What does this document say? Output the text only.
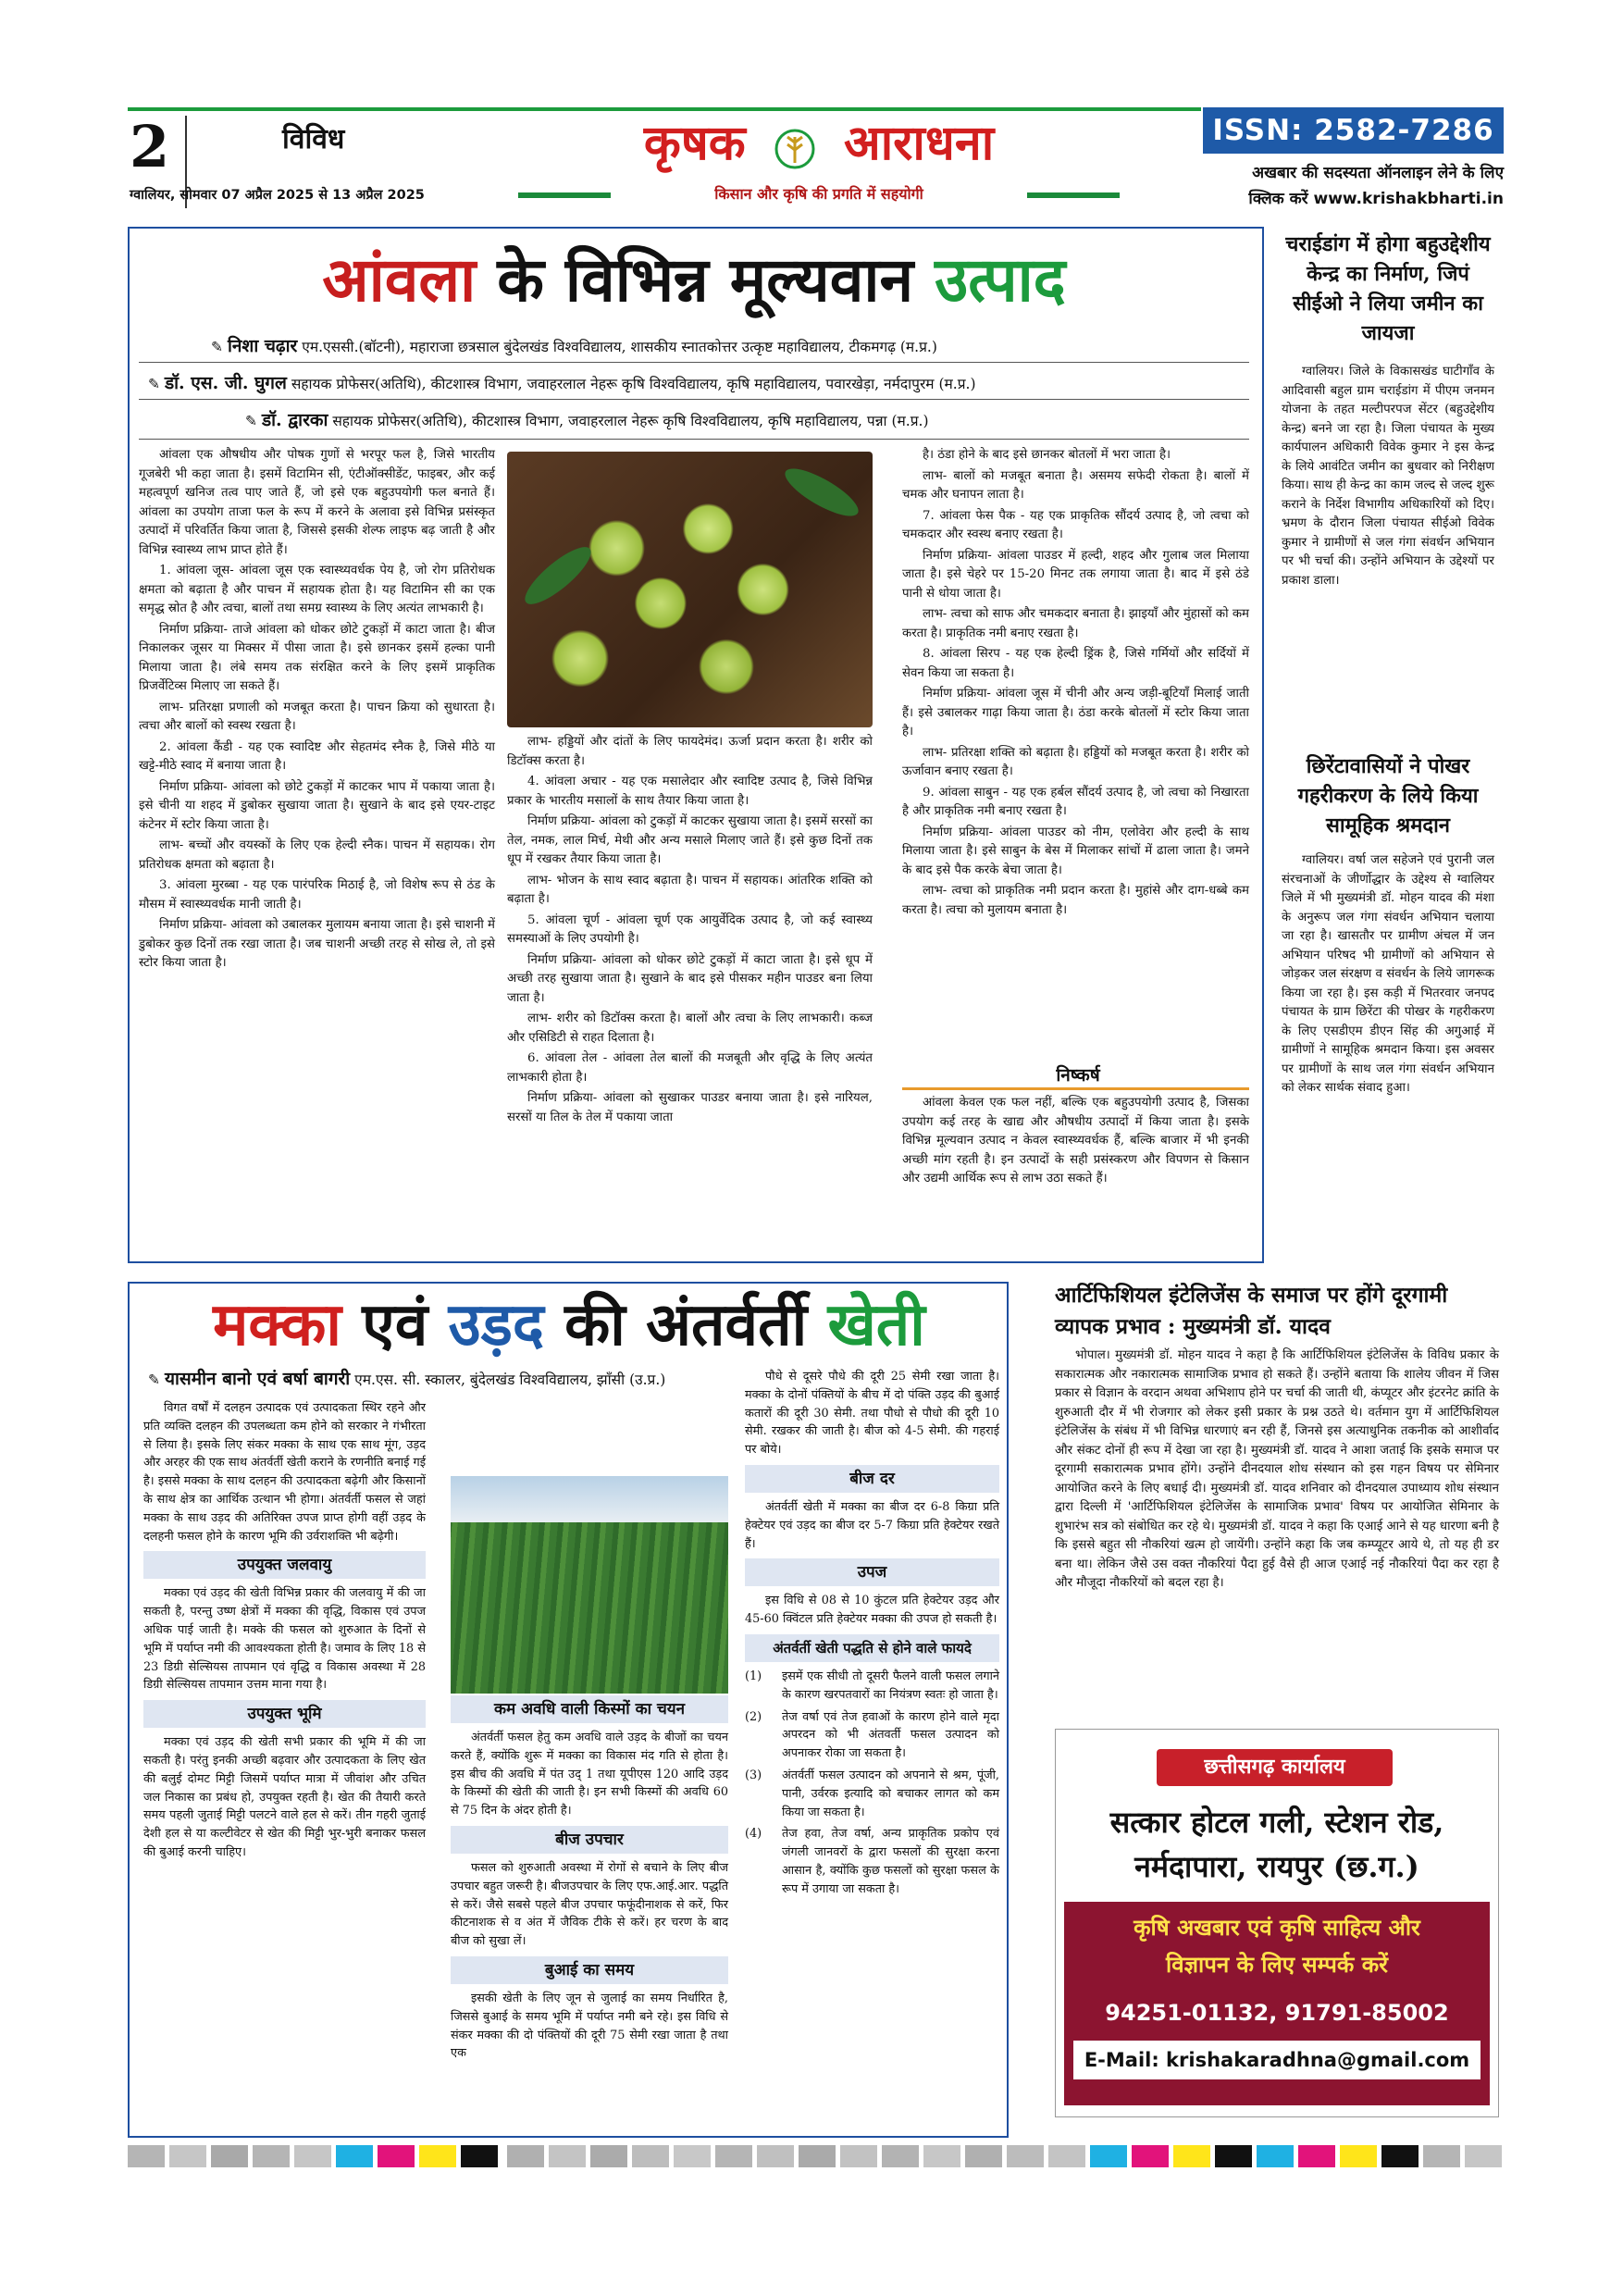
2	विविध
ग्वालियर, सोमवार 07 अप्रैल 2025 से 13 अप्रैल 2025
कृषक आराधना
किसान और कृषि की प्रगति में सहयोगी
ISSN: 2582-7286
अखबार की सदस्यता ऑनलाइन लेने के लिए
क्लिक करें www.krishakbharti.in
आंवला के विभिन्न मूल्यवान उत्पाद
✎ निशा चढ़ार एम.एससी.(बॉटनी), महाराजा छत्रसाल बुंदेलखंड विश्वविद्यालय, शासकीय स्नातकोत्तर उत्कृष्ट महाविद्यालय, टीकमगढ़ (म.प्र.)
✎ डॉ. एस. जी. घुगल सहायक प्रोफेसर(अतिथि), कीटशास्त्र विभाग, जवाहरलाल नेहरू कृषि विश्वविद्यालय, कृषि महाविद्यालय, पवारखेड़ा, नर्मदापुरम (म.प्र.)
✎ डॉ. द्वारका सहायक प्रोफेसर(अतिथि), कीटशास्त्र विभाग, जवाहरलाल नेहरू कृषि विश्वविद्यालय, कृषि महाविद्यालय, पन्ना (म.प्र.)

आंवला एक औषधीय और पोषक गुणों से भरपूर फल है, जिसे भारतीय गूजबेरी भी कहा जाता है। इसमें विटामिन सी, एंटीऑक्सीडेंट, फाइबर, और कई महत्वपूर्ण खनिज तत्व पाए जाते हैं, जो इसे एक बहुउपयोगी फल बनाते हैं। आंवला का उपयोग ताजा फल के रूप में करने के अलावा इसे विभिन्न प्रसंस्कृत उत्पादों में परिवर्तित किया जाता है, जिससे इसकी शेल्फ लाइफ बढ़ जाती है और विभिन्न स्वास्थ्य लाभ प्राप्त होते हैं।

1. आंवला जूस- आंवला जूस एक स्वास्थ्यवर्धक पेय है, जो रोग प्रतिरोधक क्षमता को बढ़ाता है और पाचन में सहायक होता है। यह विटामिन सी का एक समृद्ध स्रोत है और त्वचा, बालों तथा समग्र स्वास्थ्य के लिए अत्यंत लाभकारी है।

निर्माण प्रक्रिया- ताजे आंवला को धोकर छोटे टुकड़ों में काटा जाता है। बीज निकालकर जूसर या मिक्सर में पीसा जाता है। इसे छानकर इसमें हल्का पानी मिलाया जाता है। लंबे समय तक संरक्षित करने के लिए इसमें प्राकृतिक प्रिजर्वेटिव्स मिलाए जा सकते हैं।

लाभ- प्रतिरक्षा प्रणाली को मजबूत करता है। पाचन क्रिया को सुधारता है। त्वचा और बालों को स्वस्थ रखता है।

2. आंवला कैंडी - यह एक स्वादिष्ट और सेहतमंद स्नैक है, जिसे मीठे या खट्टे-मीठे स्वाद में बनाया जाता है।

निर्माण प्रक्रिया- आंवला को छोटे टुकड़ों में काटकर भाप में पकाया जाता है। इसे चीनी या शहद में डुबोकर सुखाया जाता है। सुखाने के बाद इसे एयर-टाइट कंटेनर में स्टोर किया जाता है।

लाभ- बच्चों और वयस्कों के लिए एक हेल्दी स्नैक। पाचन में सहायक। रोग प्रतिरोधक क्षमता को बढ़ाता है।

3. आंवला मुरब्बा - यह एक पारंपरिक मिठाई है, जो विशेष रूप से ठंड के मौसम में स्वास्थ्यवर्धक मानी जाती है।

निर्माण प्रक्रिया- आंवला को उबालकर मुलायम बनाया जाता है। इसे चाशनी में डुबोकर कुछ दिनों तक रखा जाता है। जब चाशनी अच्छी तरह से सोख ले, तो इसे स्टोर किया जाता है।

लाभ- हड्डियों और दांतों के लिए फायदेमंद। ऊर्जा प्रदान करता है। शरीर को डिटॉक्स करता है।

4. आंवला अचार - यह एक मसालेदार और स्वादिष्ट उत्पाद है, जिसे विभिन्न प्रकार के भारतीय मसालों के साथ तैयार किया जाता है।

निर्माण प्रक्रिया- आंवला को टुकड़ों में काटकर सुखाया जाता है। इसमें सरसों का तेल, नमक, लाल मिर्च, मेथी और अन्य मसाले मिलाए जाते हैं। इसे कुछ दिनों तक धूप में रखकर तैयार किया जाता है।

लाभ- भोजन के साथ स्वाद बढ़ाता है। पाचन में सहायक। आंतरिक शक्ति को बढ़ाता है।

5. आंवला चूर्ण - आंवला चूर्ण एक आयुर्वेदिक उत्पाद है, जो कई स्वास्थ्य समस्याओं के लिए उपयोगी है।

निर्माण प्रक्रिया- आंवला को धोकर छोटे टुकड़ों में काटा जाता है। इसे धूप में अच्छी तरह सुखाया जाता है। सुखाने के बाद इसे पीसकर महीन पाउडर बना लिया जाता है।

लाभ- शरीर को डिटॉक्स करता है। बालों और त्वचा के लिए लाभकारी। कब्ज और एसिडिटी से राहत दिलाता है।

6. आंवला तेल - आंवला तेल बालों की मजबूती और वृद्धि के लिए अत्यंत लाभकारी होता है।

निर्माण प्रक्रिया- आंवला को सुखाकर पाउडर बनाया जाता है। इसे नारियल, सरसों या तिल के तेल में पकाया जाता

है। ठंडा होने के बाद इसे छानकर बोतलों में भरा जाता है।

लाभ- बालों को मजबूत बनाता है। असमय सफेदी रोकता है। बालों में चमक और घनापन लाता है।

7. आंवला फेस पैक - यह एक प्राकृतिक सौंदर्य उत्पाद है, जो त्वचा को चमकदार और स्वस्थ बनाए रखता है।

निर्माण प्रक्रिया- आंवला पाउडर में हल्दी, शहद और गुलाब जल मिलाया जाता है। इसे चेहरे पर 15-20 मिनट तक लगाया जाता है। बाद में इसे ठंडे पानी से धोया जाता है।

लाभ- त्वचा को साफ और चमकदार बनाता है। झाइयाँ और मुंहासों को कम करता है। प्राकृतिक नमी बनाए रखता है।

8. आंवला सिरप - यह एक हेल्दी ड्रिंक है, जिसे गर्मियों और सर्दियों में सेवन किया जा सकता है।

निर्माण प्रक्रिया- आंवला जूस में चीनी और अन्य जड़ी-बूटियाँ मिलाई जाती हैं। इसे उबालकर गाढ़ा किया जाता है। ठंडा करके बोतलों में स्टोर किया जाता है।

लाभ- प्रतिरक्षा शक्ति को बढ़ाता है। हड्डियों को मजबूत करता है। शरीर को ऊर्जावान बनाए रखता है।

9. आंवला साबुन - यह एक हर्बल सौंदर्य उत्पाद है, जो त्वचा को निखारता है और प्राकृतिक नमी बनाए रखता है।

निर्माण प्रक्रिया- आंवला पाउडर को नीम, एलोवेरा और हल्दी के साथ मिलाया जाता है। इसे साबुन के बेस में मिलाकर सांचों में ढाला जाता है। जमने के बाद इसे पैक करके बेचा जाता है।

लाभ- त्वचा को प्राकृतिक नमी प्रदान करता है। मुहांसे और दाग-धब्बे कम करता है। त्वचा को मुलायम बनाता है।

निष्कर्ष

आंवला केवल एक फल नहीं, बल्कि एक बहुउपयोगी उत्पाद है, जिसका उपयोग कई तरह के खाद्य और औषधीय उत्पादों में किया जाता है। इसके विभिन्न मूल्यवान उत्पाद न केवल स्वास्थ्यवर्धक हैं, बल्कि बाजार में भी इनकी अच्छी मांग रहती है। इन उत्पादों के सही प्रसंस्करण और विपणन से किसान और उद्यमी आर्थिक रूप से लाभ उठा सकते हैं।

चराईडांग में होगा बहुउद्देशीय केन्द्र का निर्माण, जिपं सीईओ ने लिया जमीन का जायजा

ग्वालियर। जिले के विकासखंड घाटीगाँव के आदिवासी बहुल ग्राम चराईडांग में पीएम जनमन योजना के तहत मल्टीपरपज सेंटर (बहुउद्देशीय केन्द्र) बनने जा रहा है। जिला पंचायत के मुख्य कार्यपालन अधिकारी विवेक कुमार ने इस केन्द्र के लिये आवंटित जमीन का बुधवार को निरीक्षण किया। साथ ही केन्द्र का काम जल्द से जल्द शुरू कराने के निर्देश विभागीय अधिकारियों को दिए। भ्रमण के दौरान जिला पंचायत सीईओ विवेक कुमार ने ग्रामीणों से जल गंगा संवर्धन अभियान पर भी चर्चा की। उन्होंने अभियान के उद्देश्यों पर प्रकाश डाला।

छिरेंटावासियों ने पोखर गहरीकरण के लिये किया सामूहिक श्रमदान

ग्वालियर। वर्षा जल सहेजने एवं पुरानी जल संरचनाओं के जीर्णोद्धार के उद्देश्य से ग्वालियर जिले में भी मुख्यमंत्री डॉ. मोहन यादव की मंशा के अनुरूप जल गंगा संवर्धन अभियान चलाया जा रहा है। खासतौर पर ग्रामीण अंचल में जन अभियान परिषद भी ग्रामीणों को अभियान से जोड़कर जल संरक्षण व संवर्धन के लिये जागरूक किया जा रहा है। इस कड़ी में भितरवार जनपद पंचायत के ग्राम छिरेंटा की पोखर के गहरीकरण के लिए एसडीएम डीएन सिंह की अगुआई में ग्रामीणों ने सामूहिक श्रमदान किया। इस अवसर पर ग्रामीणों के साथ जल गंगा संवर्धन अभियान को लेकर सार्थक संवाद हुआ।

मक्का एवं उड़द की अंतर्वर्ती खेती
✎ यासमीन बानो एवं बर्षा बागरी एम.एस. सी. स्कालर, बुंदेलखंड विश्वविद्यालय, झाँसी (उ.प्र.)

विगत वर्षों में दलहन उत्पादक एवं उत्पादकता स्थिर रहने और प्रति व्यक्ति दलहन की उपलब्धता कम होने को सरकार ने गंभीरता से लिया है। इसके लिए संकर मक्का के साथ एक साथ मूंग, उड़द और अरहर की एक साथ अंतर्वर्ती खेती कराने के रणनीति बनाई गई है। इससे मक्का के साथ दलहन की उत्पादकता बढ़ेगी और किसानों के साथ क्षेत्र का आर्थिक उत्थान भी होगा। अंतर्वर्ती फसल से जहां मक्का के साथ उड़द की अतिरिक्त उपज प्राप्त होगी वहीं उड़द के दलहनी फसल होने के कारण भूमि की उर्वराशक्ति भी बढ़ेगी।

उपयुक्त जलवायु

मक्का एवं उड़द की खेती विभिन्न प्रकार की जलवायु में की जा सकती है, परन्तु उष्ण क्षेत्रों में मक्का की वृद्धि, विकास एवं उपज अधिक पाई जाती है। मक्के की फसल को शुरुआत के दिनों से भूमि में पर्याप्त नमी की आवश्यकता होती है। जमाव के लिए 18 से 23 डिग्री सेल्सियस तापमान एवं वृद्धि व विकास अवस्था में 28 डिग्री सेल्सियस तापमान उत्तम माना गया है।

उपयुक्त भूमि

मक्का एवं उड़द की खेती सभी प्रकार की भूमि में की जा सकती है। परंतु इनकी अच्छी बढ़वार और उत्पादकता के लिए खेत की बलुई दोमट मिट्टी जिसमें पर्याप्त मात्रा में जीवांश और उचित जल निकास का प्रबंध हो, उपयुक्त रहती है। खेत की तैयारी करते समय पहली जुताई मिट्टी पलटने वाले हल से करें। तीन गहरी जुताई देशी हल से या कल्टीवेटर से खेत की मिट्टी भुर-भुरी बनाकर फसल की बुआई करनी चाहिए।

कम अवधि वाली किस्मों का चयन

अंतर्वर्ती फसल हेतु कम अवधि वाले उड़द के बीजों का चयन करते हैं, क्योंकि शुरू में मक्का का विकास मंद गति से होता है। इस बीच की अवधि में पंत उद् 1 तथा यूपीएस 120 आदि उड़द के किस्मों की खेती की जाती है। इन सभी किस्मों की अवधि 60 से 75 दिन के अंदर होती है।

बीज उपचार

फसल को शुरुआती अवस्था में रोगों से बचाने के लिए बीज उपचार बहुत जरूरी है। बीजउपचार के लिए एफ.आई.आर. पद्धति से करें। जैसे सबसे पहले बीज उपचार फफूंदीनाशक से करें, फिर कीटनाशक से व अंत में जैविक टीके से करें। हर चरण के बाद बीज को सुखा लें।

बुआई का समय

इसकी खेती के लिए जून से जुलाई का समय निर्धारित है, जिससे बुआई के समय भूमि में पर्याप्त नमी बने रहे। इस विधि से संकर मक्का की दो पंक्तियों की दूरी 75 सेमी रखा जाता है तथा एक

पौधे से दूसरे पौधे की दूरी 25 सेमी रखा जाता है। मक्का के दोनों पंक्तियों के बीच में दो पंक्ति उड़द की बुआई कतारों की दूरी 30 सेमी. तथा पौधो से पौधो की दूरी 10 सेमी. रखकर की जाती है। बीज को 4-5 सेमी. की गहराई पर बोये।

बीज दर

अंतर्वर्ती खेती में मक्का का बीज दर 6-8 किग्रा प्रति हेक्टेयर एवं उड़द का बीज दर 5-7 किग्रा प्रति हेक्टेयर रखते हैं।

उपज

इस विधि से 08 से 10 कुंटल प्रति हेक्टेयर उड़द और 45-60 क्विंटल प्रति हेक्टेयर मक्का की उपज हो सकती है।

अंतर्वर्ती खेती पद्धति से होने वाले फायदे
(1) इसमें एक सीधी तो दूसरी फैलने वाली फसल लगाने के कारण खरपतवारों का नियंत्रण स्वतः हो जाता है।
(2) तेज वर्षा एवं तेज हवाओं के कारण होने वाले मृदा अपरदन को भी अंतवर्ती फसल उत्पादन को अपनाकर रोका जा सकता है।
(3) अंतर्वर्ती फसल उत्पादन को अपनाने से श्रम, पूंजी, पानी, उर्वरक इत्यादि को बचाकर लागत को कम किया जा सकता है।
(4) तेज हवा, तेज वर्षा, अन्य प्राकृतिक प्रकोप एवं जंगली जानवरों के द्वारा फसलों की सुरक्षा करना आसान है, क्योंकि कुछ फसलों को सुरक्षा फसल के रूप में उगाया जा सकता है।
आर्टिफिशियल इंटेलिजेंस के समाज पर होंगे दूरगामी व्यापक प्रभाव : मुख्यमंत्री डॉ. यादव

भोपाल। मुख्यमंत्री डॉ. मोहन यादव ने कहा है कि आर्टिफिशियल इंटेलिजेंस के विविध प्रकार के सकारात्मक और नकारात्मक सामाजिक प्रभाव हो सकते हैं। उन्होंने बताया कि शालेय जीवन में जिस प्रकार से विज्ञान के वरदान अथवा अभिशाप होने पर चर्चा की जाती थी, कंप्यूटर और इंटरनेट क्रांति के शुरुआती दौर में भी रोजगार को लेकर इसी प्रकार के प्रश्न उठते थे। वर्तमान युग में आर्टिफिशियल इंटेलिजेंस के संबंध में भी विभिन्न धारणाएं बन रही हैं, जिनसे इस अत्याधुनिक तकनीक को आशीर्वाद और संकट दोनों ही रूप में देखा जा रहा है। मुख्यमंत्री डॉ. यादव ने आशा जताई कि इसके समाज पर दूरगामी सकारात्मक प्रभाव होंगे। उन्होंने दीनदयाल शोध संस्थान को इस गहन विषय पर सेमिनार आयोजित करने के लिए बधाई दी। मुख्यमंत्री डॉ. यादव शनिवार को दीनदयाल उपाध्याय शोध संस्थान द्वारा दिल्ली में 'आर्टिफिशियल इंटेलिजेंस के सामाजिक प्रभाव' विषय पर आयोजित सेमिनार के शुभारंभ सत्र को संबोधित कर रहे थे। मुख्यमंत्री डॉ. यादव ने कहा कि एआई आने से यह धारणा बनी है कि इससे बहुत सी नौकरियां खत्म हो जायेंगी। उन्होंने कहा कि जब कम्प्यूटर आये थे, तो यह ही डर बना था। लेकिन जैसे उस वक्त नौकरियां पैदा हुई वैसे ही आज एआई नई नौकरियां पैदा कर रहा है और मौजूदा नौकरियों को बदल रहा है।

छत्तीसगढ़ कार्यालय
सत्कार होटल गली, स्टेशन रोड,
नर्मदापारा, रायपुर (छ.ग.)
कृषि अखबार एवं कृषि साहित्य और
विज्ञापन के लिए सम्पर्क करें
94251-01132, 91791-85002
E-Mail: krishakaradhna@gmail.com
